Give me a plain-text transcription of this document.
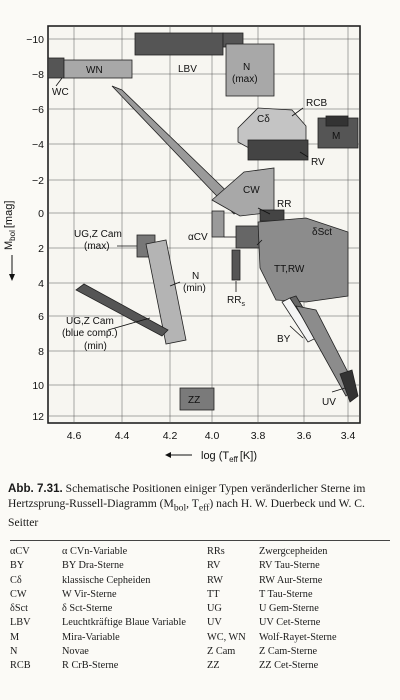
−10
−8
−6
−4
−2
0
2
4
6
8
10
12
4.6	4.4	4.2	4.0	3.8	3.6	3.4
$M_{bol}[mag]$
$\log (T_{eff}$ [K])
WC
WN	LBV	N
(max)
RCB
Cδ
M
RV
CW
RR
αCV	δSct
TT,RW
$RR_s$
UG,Z Cam
(max)
N
(min)
UG,Z Cam
(blue comp.)
(min)
BY
UV
ZZ
Abb. 7.31. Schematische Positionen einiger Typen veränderlicher Sterne im Hertzsprung-Russell-Diagramm ($M_{bol}$, $T_{eff}$) nach H. W. Duerbeck und W. C. Seitter
αCV	α CVn-Variable
BY	BY Dra-Sterne
Cδ	klassische Cepheiden
CW	W Vir-Sterne
δSct	δ Sct-Sterne
LBV	Leuchtkräftige Blaue Variable
M	Mira-Variable
N	Novae
RCB	R CrB-Sterne
RRs	Zwergcepheiden
RV	RV Tau-Sterne
RW	RW Aur-Sterne
TT	T Tau-Sterne
UG	U Gem-Sterne
UV	UV Cet-Sterne
WC, WN	Wolf-Rayet-Sterne
Z Cam	Z Cam-Sterne
ZZ	ZZ Cet-Sterne
